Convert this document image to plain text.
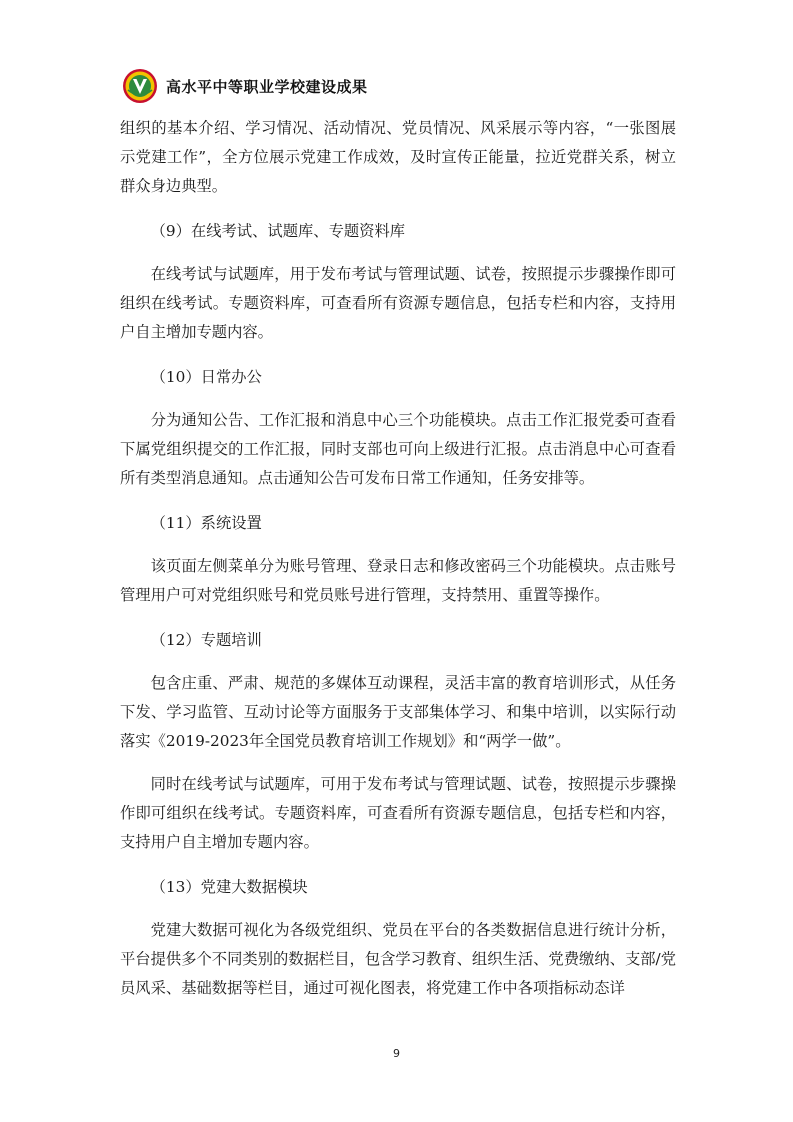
高水平中等职业学校建设成果

组织的基本介绍、学习情况、活动情况、党员情况、风采展示等内容，“一张图展示党建工作”，全方位展示党建工作成效，及时宣传正能量，拉近党群关系，树立群众身边典型。

（9）在线考试、试题库、专题资料库

在线考试与试题库，用于发布考试与管理试题、试卷，按照提示步骤操作即可组织在线考试。专题资料库，可查看所有资源专题信息，包括专栏和内容，支持用户自主增加专题内容。

（10）日常办公

分为通知公告、工作汇报和消息中心三个功能模块。点击工作汇报党委可查看下属党组织提交的工作汇报，同时支部也可向上级进行汇报。点击消息中心可查看所有类型消息通知。点击通知公告可发布日常工作通知，任务安排等。

（11）系统设置

该页面左侧菜单分为账号管理、登录日志和修改密码三个功能模块。点击账号管理用户可对党组织账号和党员账号进行管理，支持禁用、重置等操作。

（12）专题培训

包含庄重、严肃、规范的多媒体互动课程，灵活丰富的教育培训形式，从任务下发、学习监管、互动讨论等方面服务于支部集体学习、和集中培训，以实际行动落实《2019-2023年全国党员教育培训工作规划》和“两学一做”。

同时在线考试与试题库，可用于发布考试与管理试题、试卷，按照提示步骤操作即可组织在线考试。专题资料库，可查看所有资源专题信息，包括专栏和内容，支持用户自主增加专题内容。

（13）党建大数据模块

党建大数据可视化为各级党组织、党员在平台的各类数据信息进行统计分析，平台提供多个不同类别的数据栏目，包含学习教育、组织生活、党费缴纳、支部/党员风采、基础数据等栏目，通过可视化图表，将党建工作中各项指标动态详

9
